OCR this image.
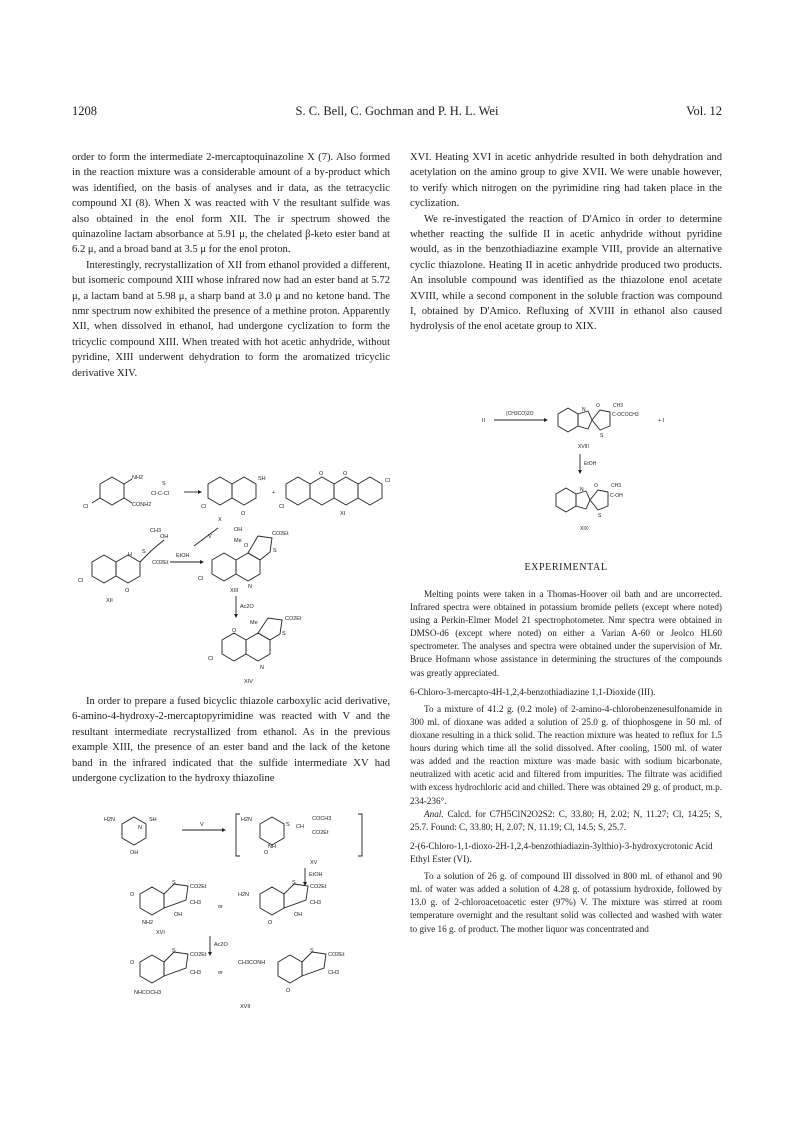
1208	S. C. Bell, C. Gochman and P. H. L. Wei	Vol. 12

order to form the intermediate 2-mercaptoquinazoline X (7). Also formed in the reaction mixture was a considerable amount of a by-product which was identified, on the basis of analyses and ir data, as the tetracyclic compound XI (8). When X was reacted with V the resultant sulfide was also obtained in the enol form XII. The ir spectrum showed the quinazoline lactam absorbance at 5.91 μ, the chelated β-keto ester band at 6.2 μ, and a broad band at 3.5 μ for the enol proton.

Interestingly, recrystallization of XII from ethanol provided a different, but isomeric compound XIII whose infrared now had an ester band at 5.72 μ, a lactam band at 5.98 μ, a sharp band at 3.0 μ and no ketone band. The nmr spectrum now exhibited the presence of a methine proton. Apparently XII, when dissolved in ethanol, had undergone cyclization to form the tricyclic compound XIII. When treated with hot acetic anhydride, without pyridine, XIII underwent dehydration to form the aromatized tricyclic derivative XIV.

NH2
CONH2
Cl
S
Cl-C-Cl
SH
Cl
O
X
+
Cl
Cl
O	O
XI
V
Cl
H S
OH
CH3
CO2Et
O
XII
EtOH
Cl
OH
Me
CO2Et
S
N
O
XIII
Ac2O
Cl
Me
CO2Et
S
N
O
XIV

In order to prepare a fused bicyclic thiazole carboxylic acid derivative, 6-amino-4-hydroxy-2-mercaptopyrimidine was reacted with V and the resultant intermediate recrystallized from ethanol. As in the previous example XIII, the presence of an ester band and the lack of the ketone band in the infrared indicated that the sulfide intermediate XV had undergone cyclization to the hydroxy thiazoline

H2N	SH
N
OH
V
H2N
S CH
COCH3
CO2Et
NH
O
XV
EtOH
O
S
CO2Et
CH3
OH
NH2
XVI
or
H2N
S
CO2Et
CH3
OH
O
Ac2O
O
S
CO2Et
CH3
NHCOCH3
or
CH3CONH
S
CO2Et
CH3
O
XVII

XVI. Heating XVI in acetic anhydride resulted in both dehydration and acetylation on the amino group to give XVII. We were unable however, to verify which nitrogen on the pyrimidine ring had taken place in the cyclization.

We re-investigated the reaction of D'Amico in order to determine whether reacting the sulfide II in acetic anhydride without pyridine would, as in the benzothiadiazine example VIII, provide an alternative cyclic thiazolone. Heating II in acetic anhydride produced two products. An insoluble compound was identified as the thiazolone enol acetate XVIII, while a second component in the soluble fraction was compound I, obtained by D'Amico. Refluxing of XVIII in ethanol also caused hydrolysis of the enol acetate group to XIX.

II
(CH3CO)2O
N
S
O	CH3
C-OCOCH3
+ I
XVIII
EtOH
N
S
O	CH3
C-OH
XIX
EXPERIMENTAL

Melting points were taken in a Thomas-Hoover oil bath and are uncorrected. Infrared spectra were obtained in potassium bromide pellets (except where noted) using a Perkin-Elmer Model 21 spectrophotometer. Nmr spectra were obtained in DMSO-d6 (except where noted) on either a Varian A-60 or Jeolco HL60 spectrometer. The analyses and spectra were obtained under the supervision of Mr. Bruce Hofmann whose assistance in determining the structures of the compounds was greatly appreciated.

6-Chloro-3-mercapto-4H-1,2,4-benzothiadiazine 1,1-Dioxide (III).

To a mixture of 41.2 g. (0.2 mole) of 2-amino-4-chlorobenzenesulfonamide in 300 ml. of dioxane was added a solution of 25.0 g. of thiophosgene in 50 ml. of dioxane resulting in a thick solid. The reaction mixture was heated to reflux for 1.5 hours during which time all the solid dissolved. After cooling, 1500 ml. of water was added and the reaction mixture was made basic with sodium bicarbonate, neutralized with acetic acid and filtered from impurities. The filtrate was acidified with excess hydrochloric acid and chilled. There was obtained 29 g. of product, m.p. 234-236°.

Anal. Calcd. for C7H5ClN2O2S2: C, 33.80; H, 2.02; N, 11.27; Cl, 14.25; S, 25.7. Found: C, 33.80; H, 2.07; N, 11.19; Cl, 14.5; S, 25.7.

2-(6-Chloro-1,1-dioxo-2H-1,2,4-benzothiadiazin-3ylthio)-3-hydroxycrotonic Acid Ethyl Ester (VI).

To a solution of 26 g. of compound III dissolved in 800 ml. of ethanol and 90 ml. of water was added a solution of 4.28 g. of potassium hydroxide, followed by 13.0 g. of 2-chloroacetoacetic ester (97%) V. The mixture was stirred at room temperature overnight and the resultant solid was collected and washed with water to give 16 g. of product. The mother liquor was concentrated and
